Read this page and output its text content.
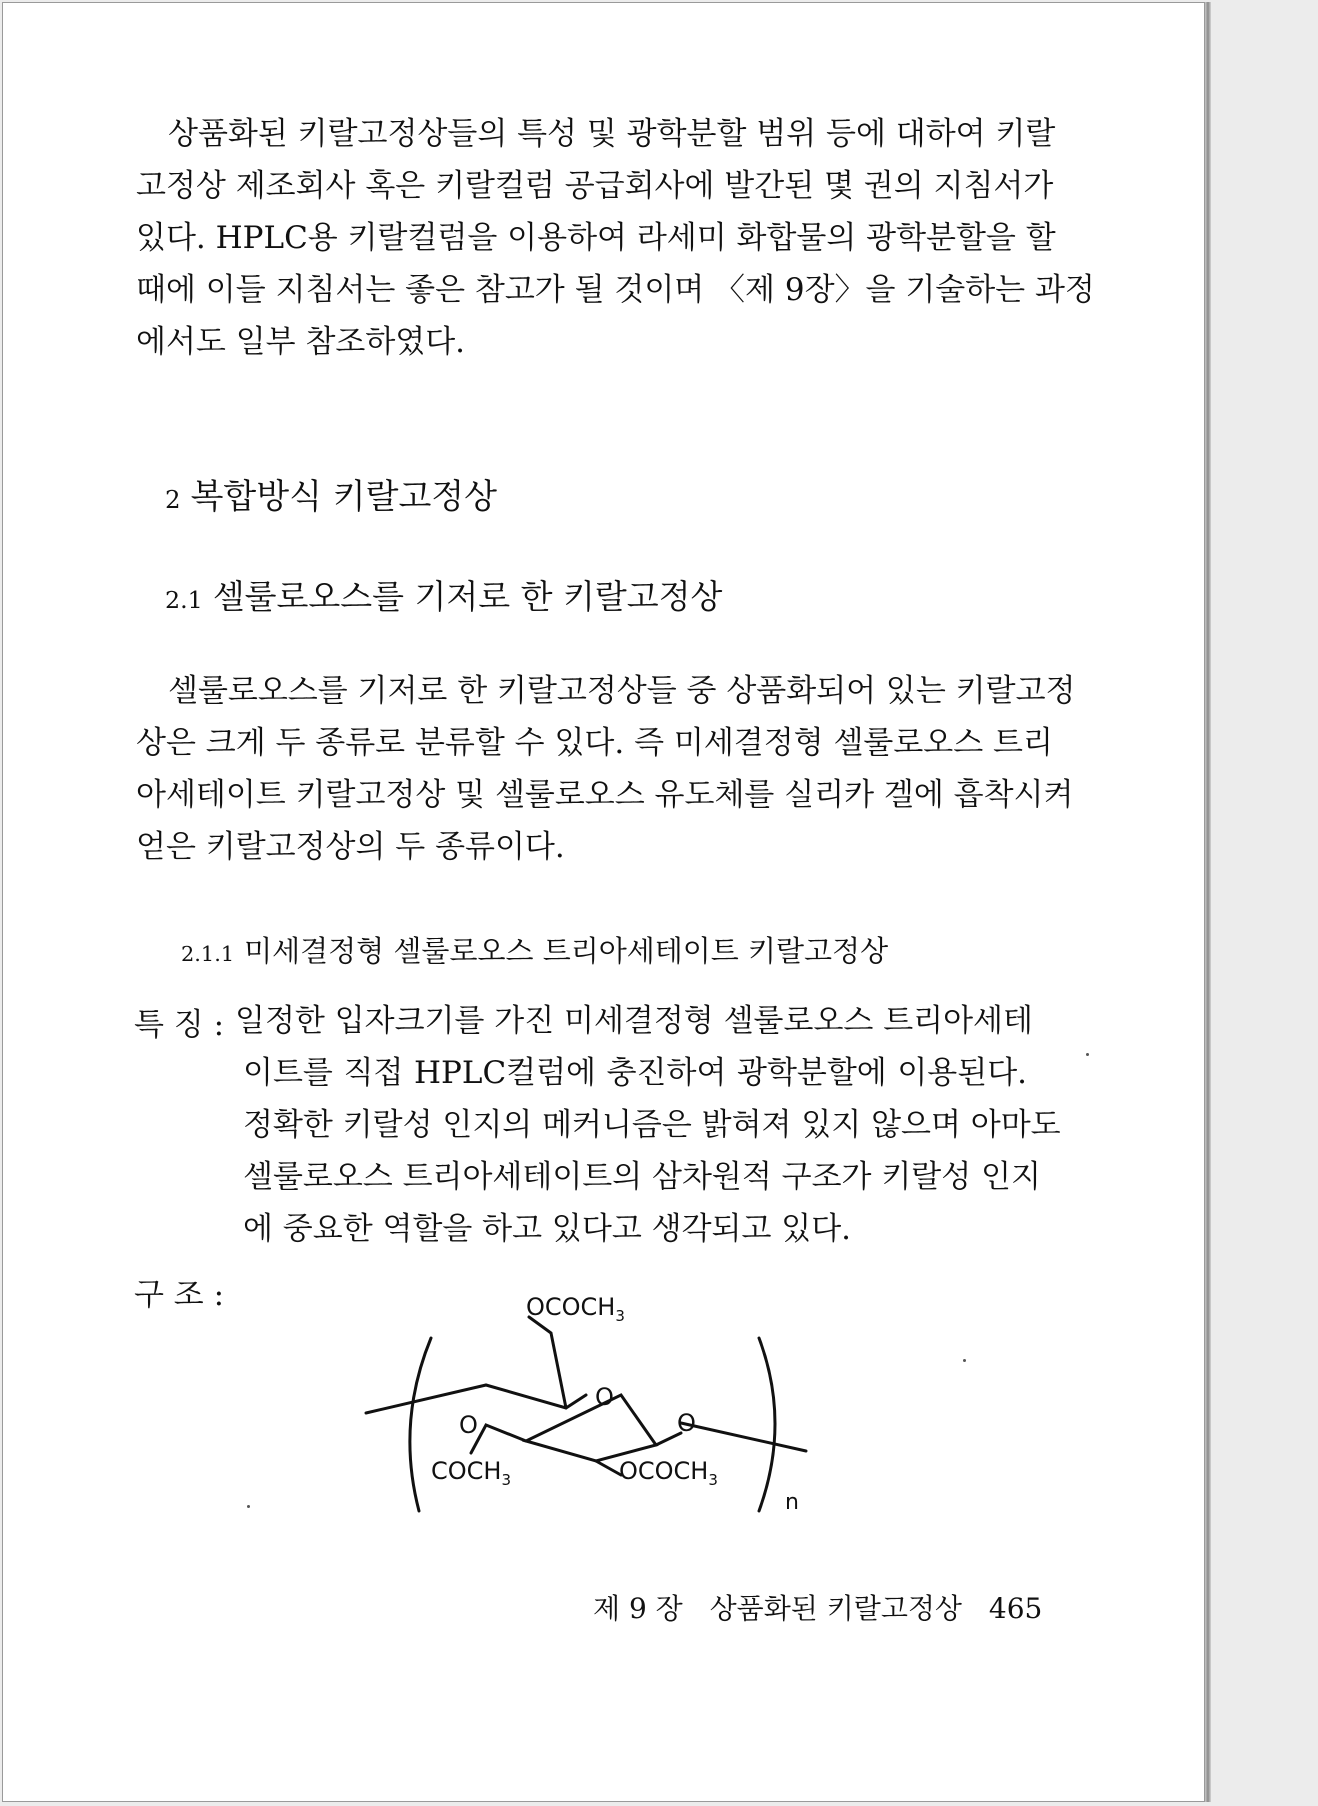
상품화된 키랄고정상들의 특성 및 광학분할 범위 등에 대하여 키랄
고정상 제조회사 혹은 키랄컬럼 공급회사에 발간된 몇 권의 지침서가
있다. HPLC용 키랄컬럼을 이용하여 라세미 화합물의 광학분할을 할
때에 이들 지침서는 좋은 참고가 될 것이며 〈제 9장〉을 기술하는 과정
에서도 일부 참조하였다.
2 복합방식 키랄고정상
2.1 셀룰로오스를 기저로 한 키랄고정상
셀룰로오스를 기저로 한 키랄고정상들 중 상품화되어 있는 키랄고정
상은 크게 두 종류로 분류할 수 있다. 즉 미세결정형 셀룰로오스 트리
아세테이트 키랄고정상 및 셀룰로오스 유도체를 실리카 겔에 흡착시켜
얻은 키랄고정상의 두 종류이다.
2.1.1 미세결정형 셀룰로오스 트리아세테이트 키랄고정상
특 징 : 일정한 입자크기를 가진 미세결정형 셀룰로오스 트리아세테
이트를 직접 HPLC컬럼에 충진하여 광학분할에 이용된다.
정확한 키랄성 인지의 메커니즘은 밝혀져 있지 않으며 아마도
셀룰로오스 트리아세테이트의 삼차원적 구조가 키랄성 인지
에 중요한 역할을 하고 있다고 생각되고 있다.
구 조 :
O
O
O
$OCOCH_3$
$COCH_3$	$OCOCH_3$
n
제 9 장 상품화된 키랄고정상 465
